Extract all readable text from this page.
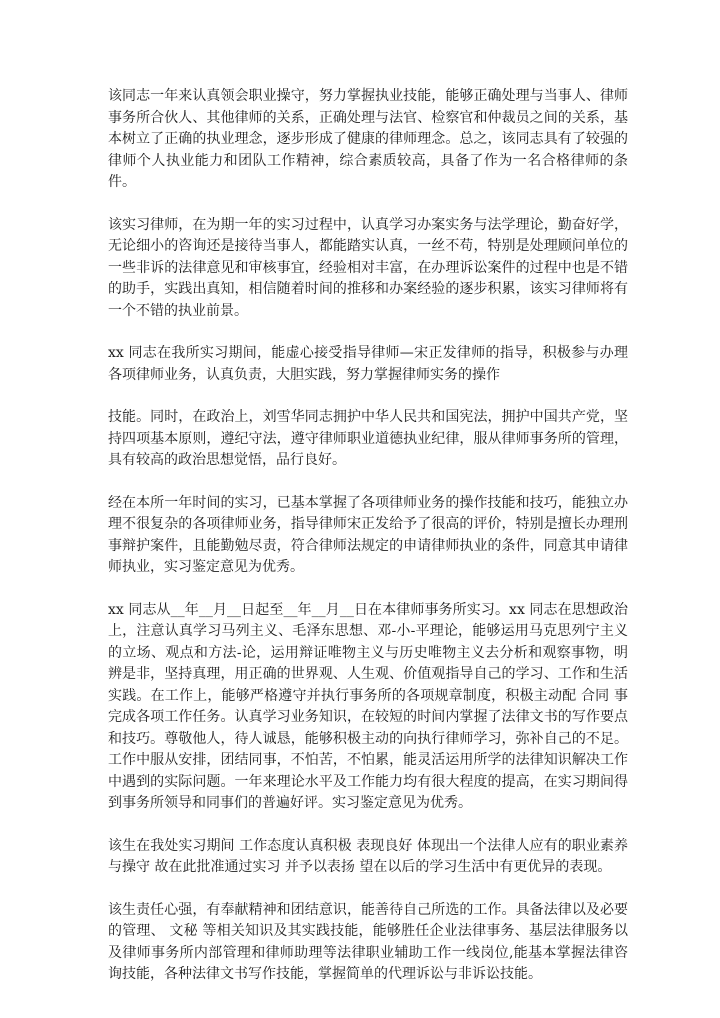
该同志一年来认真领会职业操守，努力掌握执业技能，能够正确处理与当事人、律师事务所合伙人、其他律师的关系，正确处理与法官、检察官和仲裁员之间的关系，基本树立了正确的执业理念，逐步形成了健康的律师理念。总之，该同志具有了较强的律师个人执业能力和团队工作精神，综合素质较高，具备了作为一名合格律师的条件。

该实习律师，在为期一年的实习过程中，认真学习办案实务与法学理论，勤奋好学，无论细小的咨询还是接待当事人，都能踏实认真，一丝不苟，特别是处理顾问单位的一些非诉的法律意见和审核事宜，经验相对丰富，在办理诉讼案件的过程中也是不错的助手，实践出真知，相信随着时间的推移和办案经验的逐步积累，该实习律师将有一个不错的执业前景。

xx 同志在我所实习期间，能虚心接受指导律师—宋正发律师的指导，积极参与办理各项律师业务，认真负责，大胆实践，努力掌握律师实务的操作

技能。同时，在政治上，刘雪华同志拥护中华人民共和国宪法，拥护中国共产党，坚持四项基本原则，遵纪守法，遵守律师职业道德执业纪律，服从律师事务所的管理，具有较高的政治思想觉悟，品行良好。

经在本所一年时间的实习，已基本掌握了各项律师业务的操作技能和技巧，能独立办理不很复杂的各项律师业务，指导律师宋正发给予了很高的评价，特别是擅长办理刑事辩护案件，且能勤勉尽责，符合律师法规定的申请律师执业的条件，同意其申请律师执业，实习鉴定意见为优秀。

xx 同志从__年__月__日起至__年__月__日在本律师事务所实习。xx 同志在思想政治上，注意认真学习马列主义、毛泽东思想、邓-小-平理论，能够运用马克思列宁主义的立场、观点和方法-论，运用辩证唯物主义与历史唯物主义去分析和观察事物，明辨是非，坚持真理，用正确的世界观、人生观、价值观指导自己的学习、工作和生活实践。在工作上，能够严格遵守并执行事务所的各项规章制度，积极主动配 合同 事完成各项工作任务。认真学习业务知识，在较短的时间内掌握了法律文书的写作要点和技巧。尊敬他人，待人诚恳，能够积极主动的向执行律师学习，弥补自己的不足。工作中服从安排，团结同事，不怕苦，不怕累，能灵活运用所学的法律知识解决工作中遇到的实际问题。一年来理论水平及工作能力均有很大程度的提高，在实习期间得到事务所领导和同事们的普遍好评。实习鉴定意见为优秀。

该生在我处实习期间 工作态度认真积极 表现良好 体现出一个法律人应有的职业素养与操守 故在此批准通过实习 并予以表扬 望在以后的学习生活中有更优异的表现。

该生责任心强，有奉献精神和团结意识，能善待自己所选的工作。具备法律以及必要的管理、 文秘 等相关知识及其实践技能，能够胜任企业法律事务、基层法律服务以及律师事务所内部管理和律师助理等法律职业辅助工作一线岗位,能基本掌握法律咨询技能，各种法律文书写作技能，掌握简单的代理诉讼与非诉讼技能。
